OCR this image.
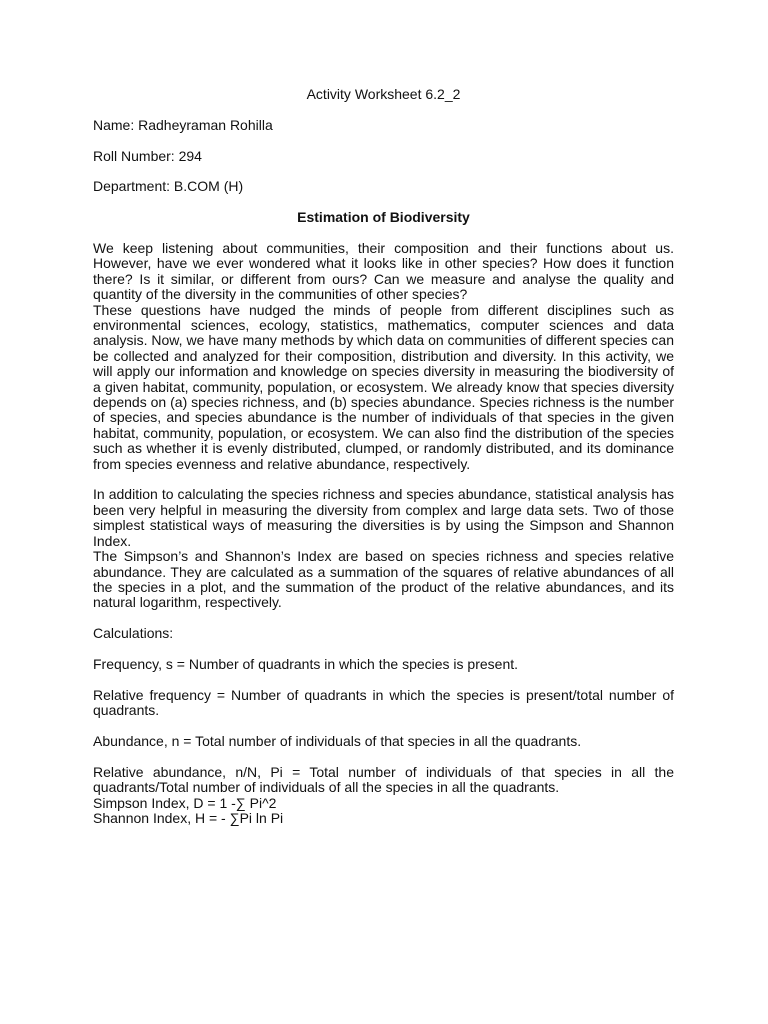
Activity Worksheet 6.2_2

Name: Radheyraman Rohilla

Roll Number: 294

Department: B.COM (H)

Estimation of Biodiversity

We keep listening about communities, their composition and their functions about us. However, have we ever wondered what it looks like in other species? How does it function there? Is it similar, or different from ours? Can we measure and analyse the quality and quantity of the diversity in the communities of other species?

These questions have nudged the minds of people from different disciplines such as environmental sciences, ecology, statistics, mathematics, computer sciences and data analysis. Now, we have many methods by which data on communities of different species can be collected and analyzed for their composition, distribution and diversity. In this activity, we will apply our information and knowledge on species diversity in measuring the biodiversity of a given habitat, community, population, or ecosystem. We already know that species diversity depends on (a) species richness, and (b) species abundance. Species richness is the number of species, and species abundance is the number of individuals of that species in the given habitat, community, population, or ecosystem. We can also find the distribution of the species such as whether it is evenly distributed, clumped, or randomly distributed, and its dominance from species evenness and relative abundance, respectively.

In addition to calculating the species richness and species abundance, statistical analysis has been very helpful in measuring the diversity from complex and large data sets. Two of those simplest statistical ways of measuring the diversities is by using the Simpson and Shannon Index.

The Simpson’s and Shannon’s Index are based on species richness and species relative abundance. They are calculated as a summation of the squares of relative abundances of all the species in a plot, and the summation of the product of the relative abundances, and its natural logarithm, respectively.

Calculations:

Frequency, s = Number of quadrants in which the species is present.

Relative frequency = Number of quadrants in which the species is present/total number of quadrants.

Abundance, n = Total number of individuals of that species in all the quadrants.

Relative abundance, n/N, Pi = Total number of individuals of that species in all the quadrants/Total number of individuals of all the species in all the quadrants.

Simpson Index, D = 1 -∑ Pi^2

Shannon Index, H = - ∑Pi ln Pi
